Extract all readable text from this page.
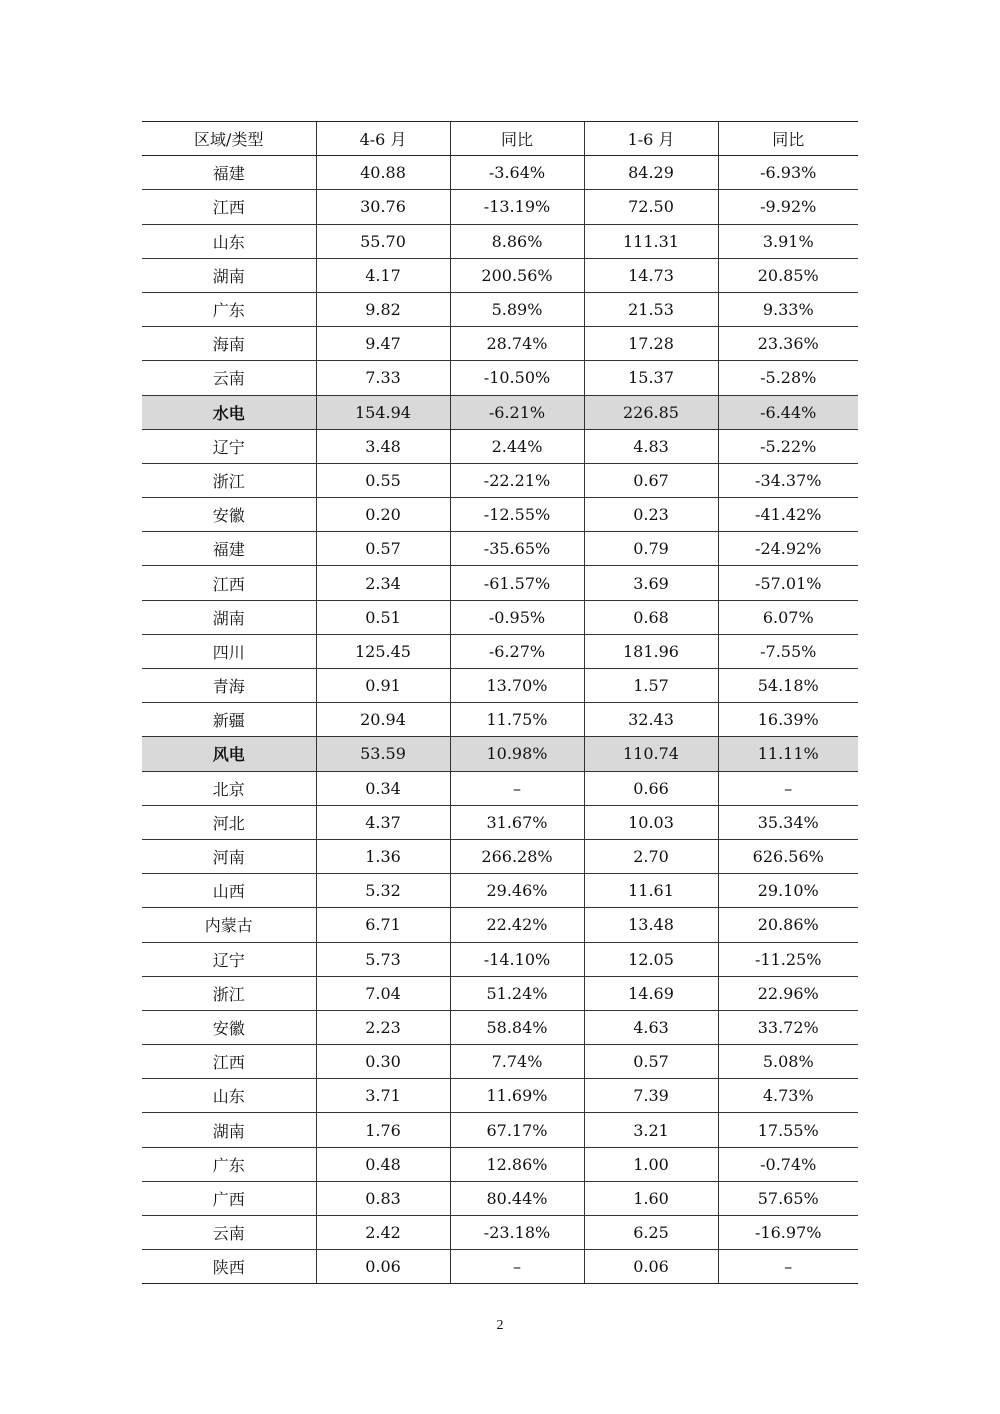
区域/类型	4-6 月	同比	1-6 月	同比
福建	40.88	-3.64%	84.29	-6.93%
江西	30.76	-13.19%	72.50	-9.92%
山东	55.70	8.86%	111.31	3.91%
湖南	4.17	200.56%	14.73	20.85%
广东	9.82	5.89%	21.53	9.33%
海南	9.47	28.74%	17.28	23.36%
云南	7.33	-10.50%	15.37	-5.28%
水电	154.94	-6.21%	226.85	-6.44%
辽宁	3.48	2.44%	4.83	-5.22%
浙江	0.55	-22.21%	0.67	-34.37%
安徽	0.20	-12.55%	0.23	-41.42%
福建	0.57	-35.65%	0.79	-24.92%
江西	2.34	-61.57%	3.69	-57.01%
湖南	0.51	-0.95%	0.68	6.07%
四川	125.45	-6.27%	181.96	-7.55%
青海	0.91	13.70%	1.57	54.18%
新疆	20.94	11.75%	32.43	16.39%
风电	53.59	10.98%	110.74	11.11%
北京	0.34	–	0.66	–
河北	4.37	31.67%	10.03	35.34%
河南	1.36	266.28%	2.70	626.56%
山西	5.32	29.46%	11.61	29.10%
内蒙古	6.71	22.42%	13.48	20.86%
辽宁	5.73	-14.10%	12.05	-11.25%
浙江	7.04	51.24%	14.69	22.96%
安徽	2.23	58.84%	4.63	33.72%
江西	0.30	7.74%	0.57	5.08%
山东	3.71	11.69%	7.39	4.73%
湖南	1.76	67.17%	3.21	17.55%
广东	0.48	12.86%	1.00	-0.74%
广西	0.83	80.44%	1.60	57.65%
云南	2.42	-23.18%	6.25	-16.97%
陕西	0.06	–	0.06	–
2
